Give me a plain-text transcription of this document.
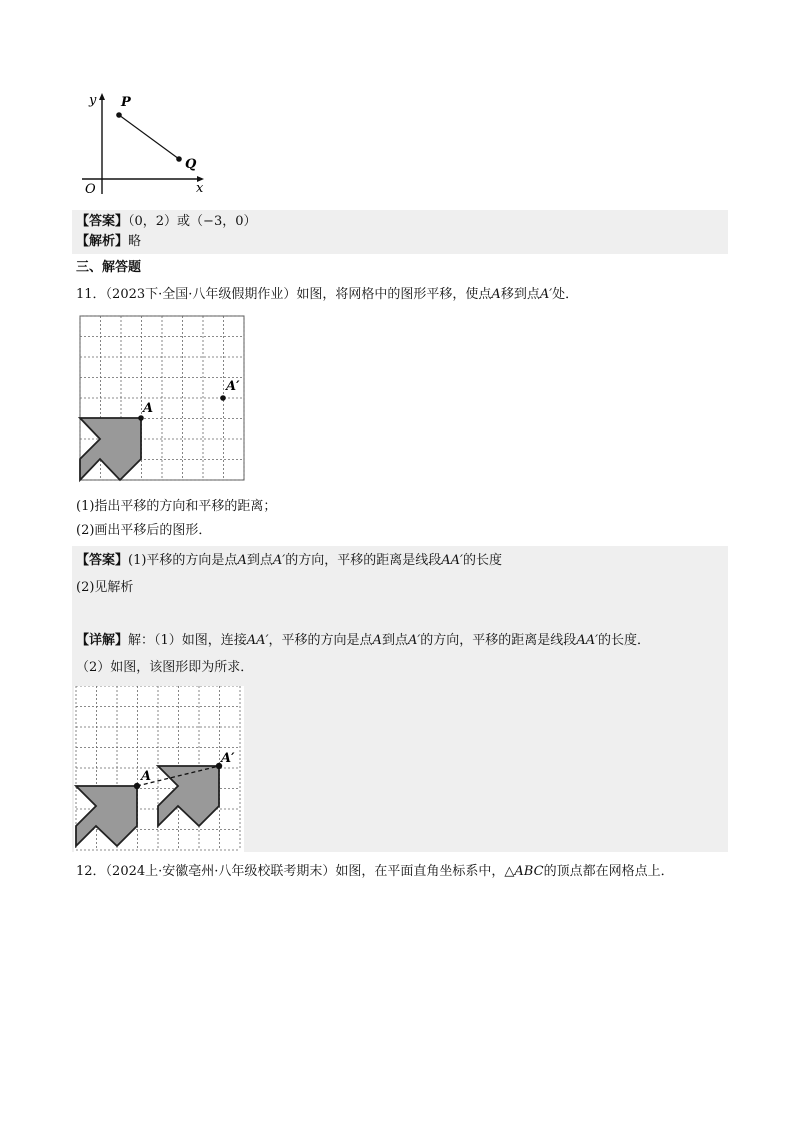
y
x
O
P
Q
【答案】（0，2）或（−3，0）
【解析】略
三、解答题
11．（2023下·全国·八年级假期作业）如图，将网格中的图形平移，使点A移到点A′处．
A
A′
(1)指出平移的方向和平移的距离；
(2)画出平移后的图形．
【答案】(1)平移的方向是点A到点A′的方向，平移的距离是线段AA′的长度
(2)见解析
【详解】解：（1）如图，连接AA′，平移的方向是点A到点A′的方向，平移的距离是线段AA′的长度．
（2）如图，该图形即为所求．
A
A′
12．（2024上·安徽亳州·八年级校联考期末）如图，在平面直角坐标系中，△ABC的顶点都在网格点上．
